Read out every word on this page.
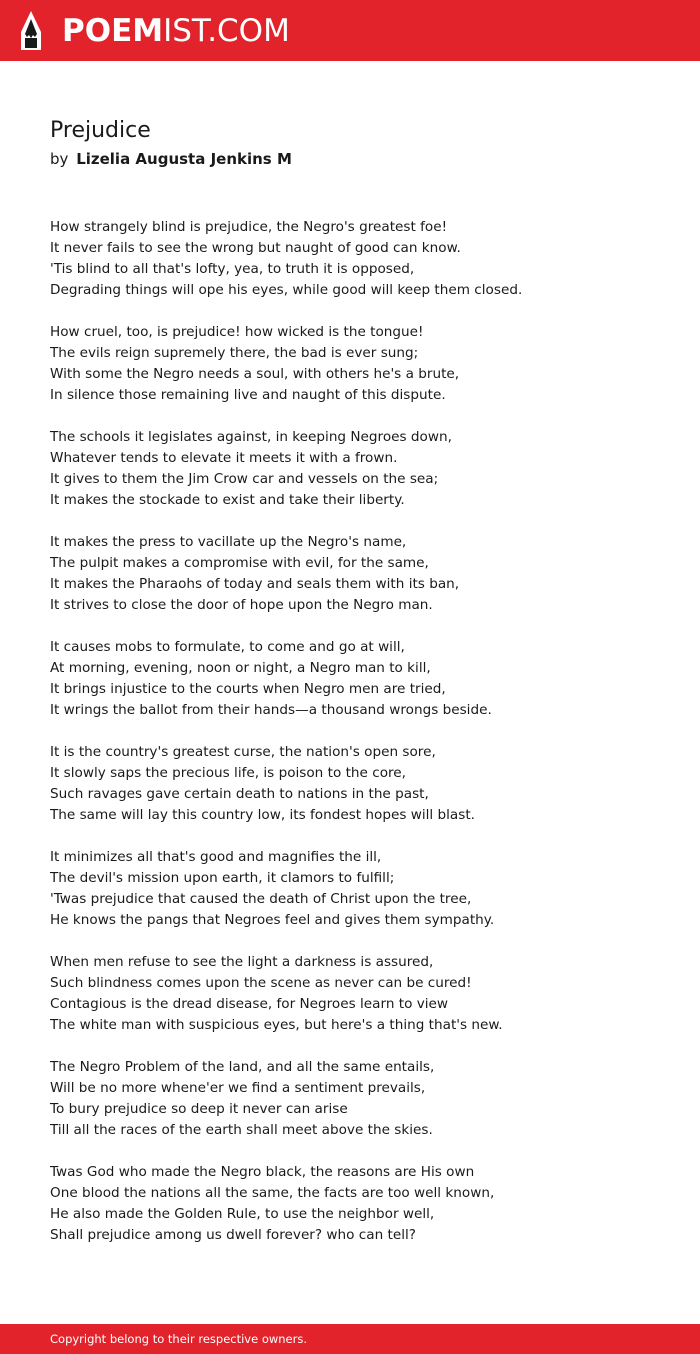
POEMIST.COM
Prejudice
by Lizelia Augusta Jenkins M

How strangely blind is prejudice, the Negro's greatest foe!
It never fails to see the wrong but naught of good can know.
'Tis blind to all that's lofty, yea, to truth it is opposed,
Degrading things will ope his eyes, while good will keep them closed.

How cruel, too, is prejudice! how wicked is the tongue!
The evils reign supremely there, the bad is ever sung;
With some the Negro needs a soul, with others he's a brute,
In silence those remaining live and naught of this dispute.

The schools it legislates against, in keeping Negroes down,
Whatever tends to elevate it meets it with a frown.
It gives to them the Jim Crow car and vessels on the sea;
It makes the stockade to exist and take their liberty.

It makes the press to vacillate up the Negro's name,
The pulpit makes a compromise with evil, for the same,
It makes the Pharaohs of today and seals them with its ban,
It strives to close the door of hope upon the Negro man.

It causes mobs to formulate, to come and go at will,
At morning, evening, noon or night, a Negro man to kill,
It brings injustice to the courts when Negro men are tried,
It wrings the ballot from their hands—a thousand wrongs beside.

It is the country's greatest curse, the nation's open sore,
It slowly saps the precious life, is poison to the core,
Such ravages gave certain death to nations in the past,
The same will lay this country low, its fondest hopes will blast.

It minimizes all that's good and magnifies the ill,
The devil's mission upon earth, it clamors to fulfill;
'Twas prejudice that caused the death of Christ upon the tree,
He knows the pangs that Negroes feel and gives them sympathy.

When men refuse to see the light a darkness is assured,
Such blindness comes upon the scene as never can be cured!
Contagious is the dread disease, for Negroes learn to view
The white man with suspicious eyes, but here's a thing that's new.

The Negro Problem of the land, and all the same entails,
Will be no more whene'er we find a sentiment prevails,
To bury prejudice so deep it never can arise
Till all the races of the earth shall meet above the skies.

Twas God who made the Negro black, the reasons are His own
One blood the nations all the same, the facts are too well known,
He also made the Golden Rule, to use the neighbor well,
Shall prejudice among us dwell forever? who can tell?

Copyright belong to their respective owners.
